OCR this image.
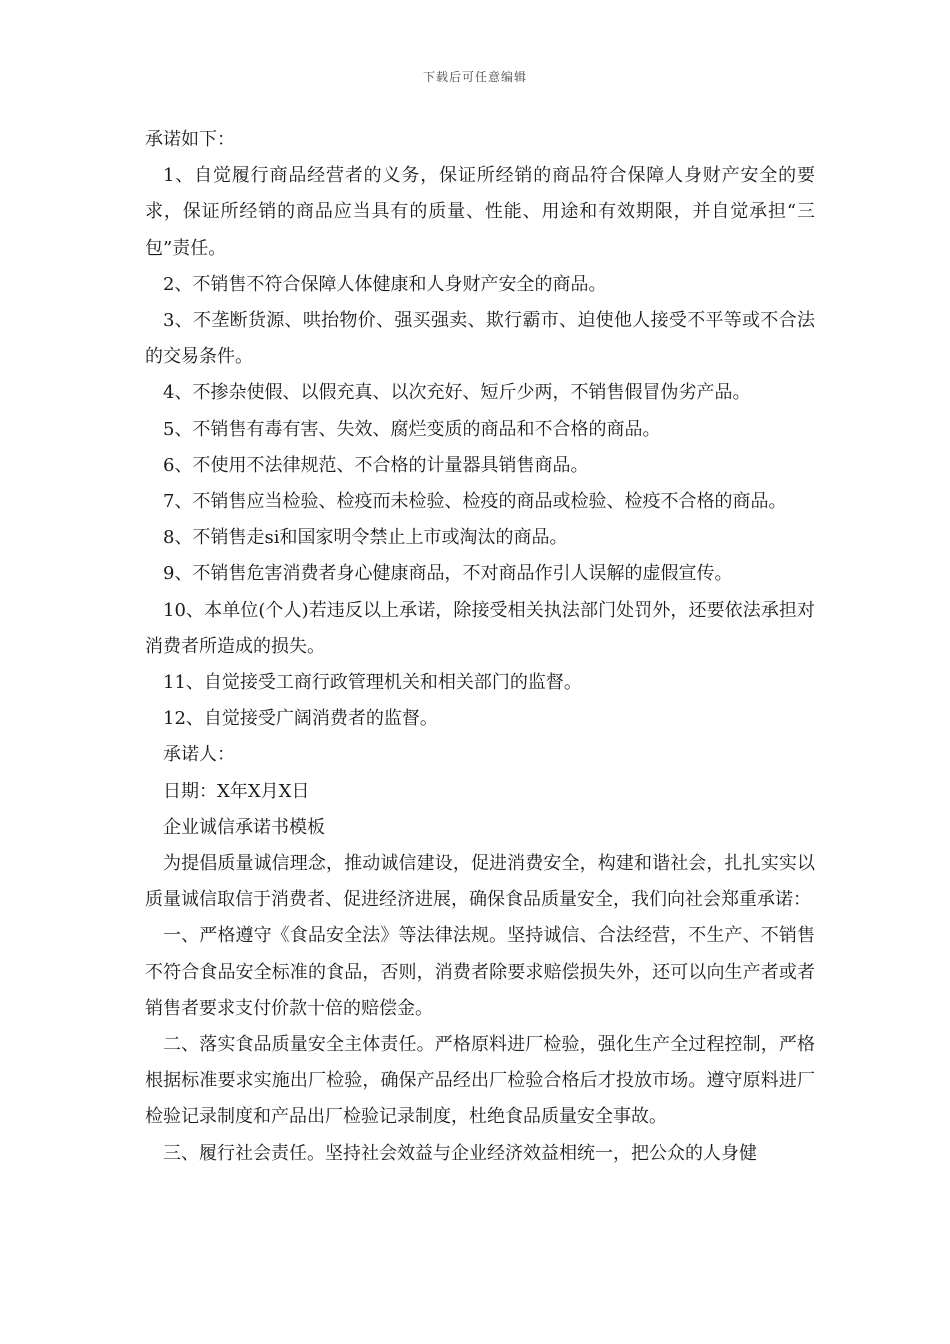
下载后可任意编辑

承诺如下：

1、自觉履行商品经营者的义务，保证所经销的商品符合保障人身财产安全的要求，保证所经销的商品应当具有的质量、性能、用途和有效期限，并自觉承担“三包”责任。

2、不销售不符合保障人体健康和人身财产安全的商品。

3、不垄断货源、哄抬物价、强买强卖、欺行霸市、迫使他人接受不平等或不合法的交易条件。

4、不掺杂使假、以假充真、以次充好、短斤少两，不销售假冒伪劣产品。

5、不销售有毒有害、失效、腐烂变质的商品和不合格的商品。

6、不使用不法律规范、不合格的计量器具销售商品。

7、不销售应当检验、检疫而未检验、检疫的商品或检验、检疫不合格的商品。

8、不销售走si和国家明令禁止上市或淘汰的商品。

9、不销售危害消费者身心健康商品，不对商品作引人误解的虚假宣传。

10、本单位(个人)若违反以上承诺，除接受相关执法部门处罚外，还要依法承担对消费者所造成的损失。

11、自觉接受工商行政管理机关和相关部门的监督。

12、自觉接受广阔消费者的监督。

承诺人：

日期：X年X月X日

企业诚信承诺书模板

为提倡质量诚信理念，推动诚信建设，促进消费安全，构建和谐社会，扎扎实实以质量诚信取信于消费者、促进经济进展，确保食品质量安全，我们向社会郑重承诺：

一、严格遵守《食品安全法》等法律法规。坚持诚信、合法经营，不生产、不销售不符合食品安全标准的食品，否则，消费者除要求赔偿损失外，还可以向生产者或者销售者要求支付价款十倍的赔偿金。

二、落实食品质量安全主体责任。严格原料进厂检验，强化生产全过程控制，严格根据标准要求实施出厂检验，确保产品经出厂检验合格后才投放市场。遵守原料进厂检验记录制度和产品出厂检验记录制度，杜绝食品质量安全事故。

三、履行社会责任。坚持社会效益与企业经济效益相统一，把公众的人身健
